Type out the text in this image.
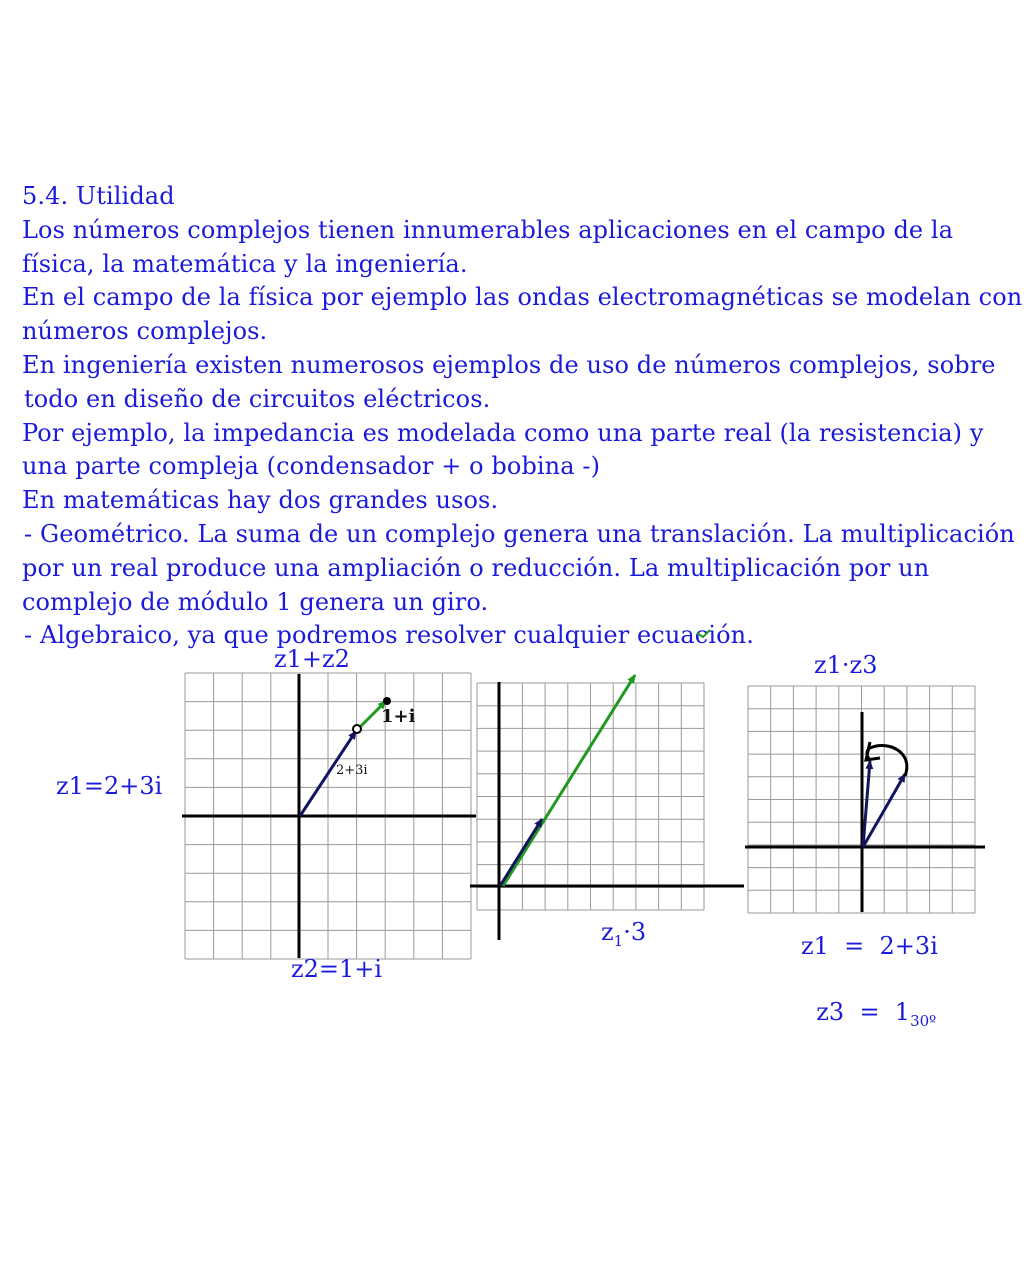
5.4. Utilidad
Los números complejos tienen innumerables aplicaciones en el campo de la
física, la matemática y la ingeniería.
En el campo de la física por ejemplo las ondas electromagnéticas se modelan con
números complejos.
En ingeniería existen numerosos ejemplos de uso de números complejos, sobre
todo en diseño de circuitos eléctricos.
Por ejemplo, la impedancia es modelada como una parte real (la resistencia) y
una parte compleja (condensador + o bobina -)
En matemáticas hay dos grandes usos.
- Geométrico. La suma de un complejo genera una translación. La multiplicación
por un real produce una ampliación o reducción. La multiplicación por un
complejo de módulo 1 genera un giro.
- Algebraico, ya que podremos resolver cualquier ecuación.
z1+z2
z1=2+3i
z2=1+i
2+3i
1+i
$z_1\cdot 3$
z1·z3
z1  =  2+3i

$z3 = 1_{30º}$
